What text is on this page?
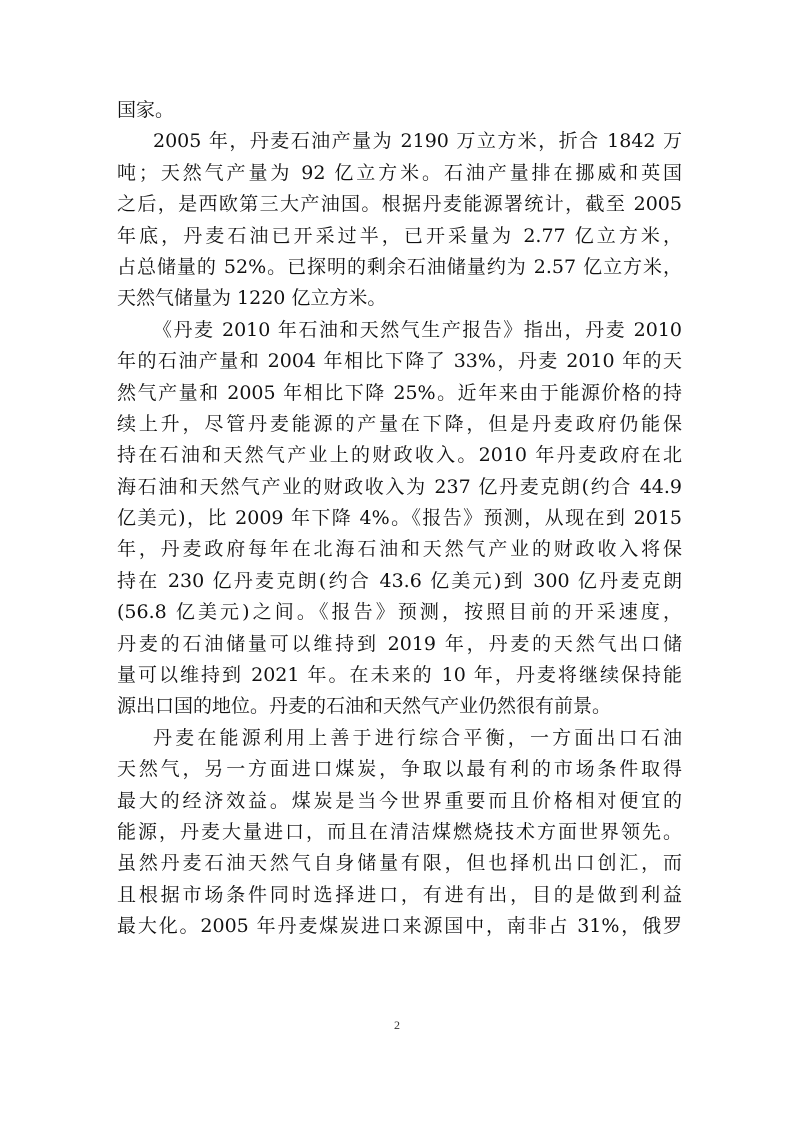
国家。
2005 年，丹麦石油产量为 2190 万立方米，折合 1842 万
吨；天然气产量为 92 亿立方米。石油产量排在挪威和英国
之后，是西欧第三大产油国。根据丹麦能源署统计，截至 2005
年底，丹麦石油已开采过半，已开采量为 2.77 亿立方米，
占总储量的 52%。已探明的剩余石油储量约为 2.57 亿立方米，
天然气储量为 1220 亿立方米。
《丹麦 2010 年石油和天然气生产报告》指出，丹麦 2010
年的石油产量和 2004 年相比下降了 33%，丹麦 2010 年的天
然气产量和 2005 年相比下降 25%。近年来由于能源价格的持
续上升，尽管丹麦能源的产量在下降，但是丹麦政府仍能保
持在石油和天然气产业上的财政收入。2010 年丹麦政府在北
海石油和天然气产业的财政收入为 237 亿丹麦克朗(约合 44.9
亿美元)，比 2009 年下降 4%。《报告》预测，从现在到 2015
年，丹麦政府每年在北海石油和天然气产业的财政收入将保
持在 230 亿丹麦克朗(约合 43.6 亿美元)到 300 亿丹麦克朗
(56.8 亿美元)之间。《报告》预测，按照目前的开采速度，
丹麦的石油储量可以维持到 2019 年，丹麦的天然气出口储
量可以维持到 2021 年。在未来的 10 年，丹麦将继续保持能
源出口国的地位。丹麦的石油和天然气产业仍然很有前景。
丹麦在能源利用上善于进行综合平衡，一方面出口石油
天然气，另一方面进口煤炭，争取以最有利的市场条件取得
最大的经济效益。煤炭是当今世界重要而且价格相对便宜的
能源，丹麦大量进口，而且在清洁煤燃烧技术方面世界领先。
虽然丹麦石油天然气自身储量有限，但也择机出口创汇，而
且根据市场条件同时选择进口，有进有出，目的是做到利益
最大化。2005 年丹麦煤炭进口来源国中，南非占 31%，俄罗
2
